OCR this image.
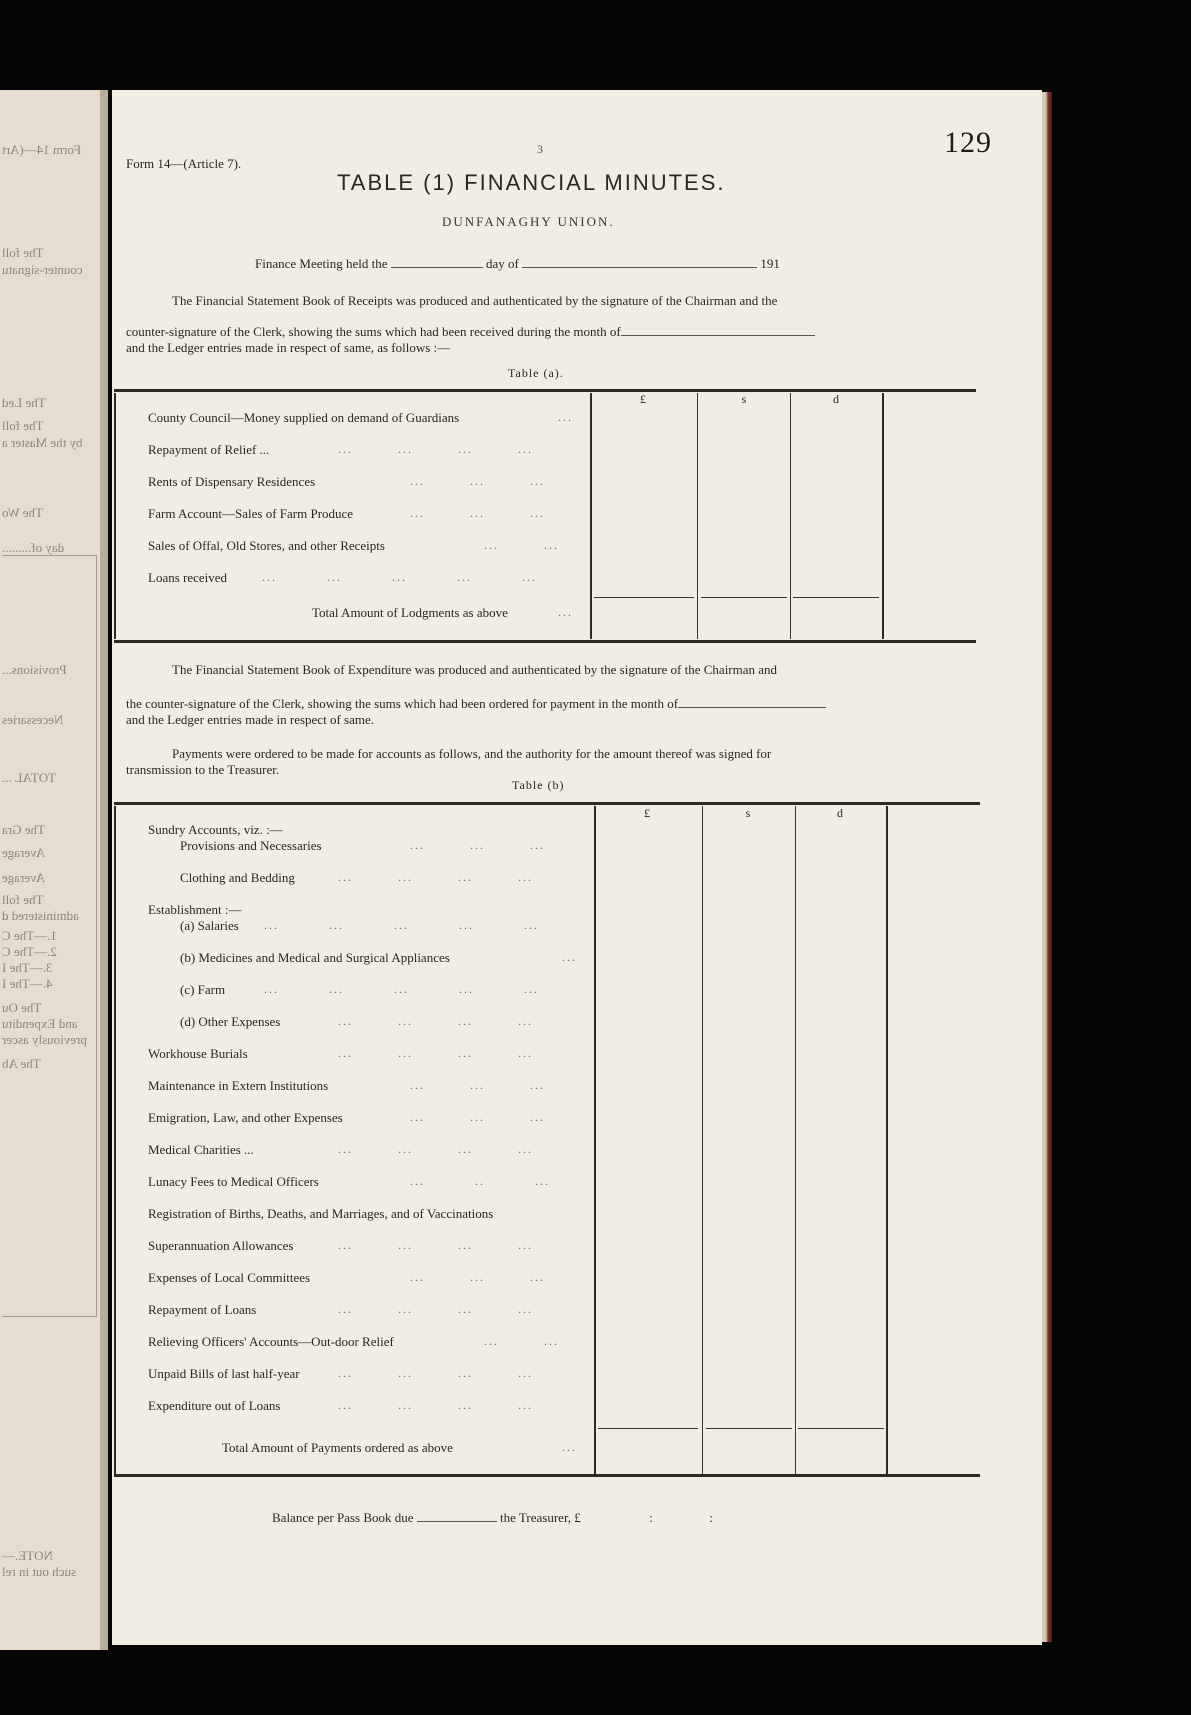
Form 14—(Art
The foll
counter-signatu
The Led
The foll
by the Master a
The Wo
day of.........
Provisions...
Necessaries
TOTAL ...
The Gra
Average
Average
The foll
administered d
1.—The C
2.—The C
3.—The I
4.—The I
The Ou
and Expenditu
previously ascer
The Ab
NOTE.—
such out in rel
Form 14—(Article 7).
3	129
TABLE (1) FINANCIAL MINUTES.
DUNFANAGHY UNION.
Finance Meeting held the	day of	191
The Financial Statement Book of Receipts was produced and authenticated by the signature of the Chairman and the
counter-signature of the Clerk, showing the sums which had been received during the month of
and the Ledger entries made in respect of same, as follows :—
Table (a).
£	s	d
County Council—Money supplied on demand of Guardians	...
Repayment of Relief ...	...         ...         ...         ...
Rents of Dispensary Residences	...         ...         ...
Farm Account—Sales of Farm Produce	...         ...         ...
Sales of Offal, Old Stores, and other Receipts	...         ...
Loans received	...          ...          ...          ...          ...
Total Amount of Lodgments as above	...
The Financial Statement Book of Expenditure was produced and authenticated by the signature of the Chairman and
the counter-signature of the Clerk, showing the sums which had been ordered for payment in the month of
and the Ledger entries made in respect of same.
Payments were ordered to be made for accounts as follows, and the authority for the amount thereof was signed for
transmission to the Treasurer.
Table (b)
£	s	d
Sundry Accounts, viz. :—
Provisions and Necessaries	...         ...         ...
Clothing and Bedding	...         ...         ...         ...
Establishment :—
(a) Salaries ...          ...          ...          ...          ...
(b) Medicines and Medical and Surgical Appliances	...
(c) Farm	...          ...          ...          ...          ...
(d) Other Expenses	...         ...         ...         ...
Workhouse Burials	...         ...         ...         ...
Maintenance in Extern Institutions	...         ...         ...
Emigration, Law, and other Expenses	...         ...         ...
Medical Charities ...	...         ...         ...         ...
Lunacy Fees to Medical Officers	...          ..          ...
Registration of Births, Deaths, and Marriages, and of Vaccinations
Superannuation Allowances	...         ...         ...         ...
Expenses of Local Committees	...         ...         ...
Repayment of Loans	...         ...         ...         ...
Relieving Officers' Accounts—Out-door Relief	...         ...
Unpaid Bills of last half-year	...         ...         ...         ...
Expenditure out of Loans	...         ...         ...         ...
Total Amount of Payments ordered as above	...
Balance per Pass Book due	the Treasurer, £	:	:
